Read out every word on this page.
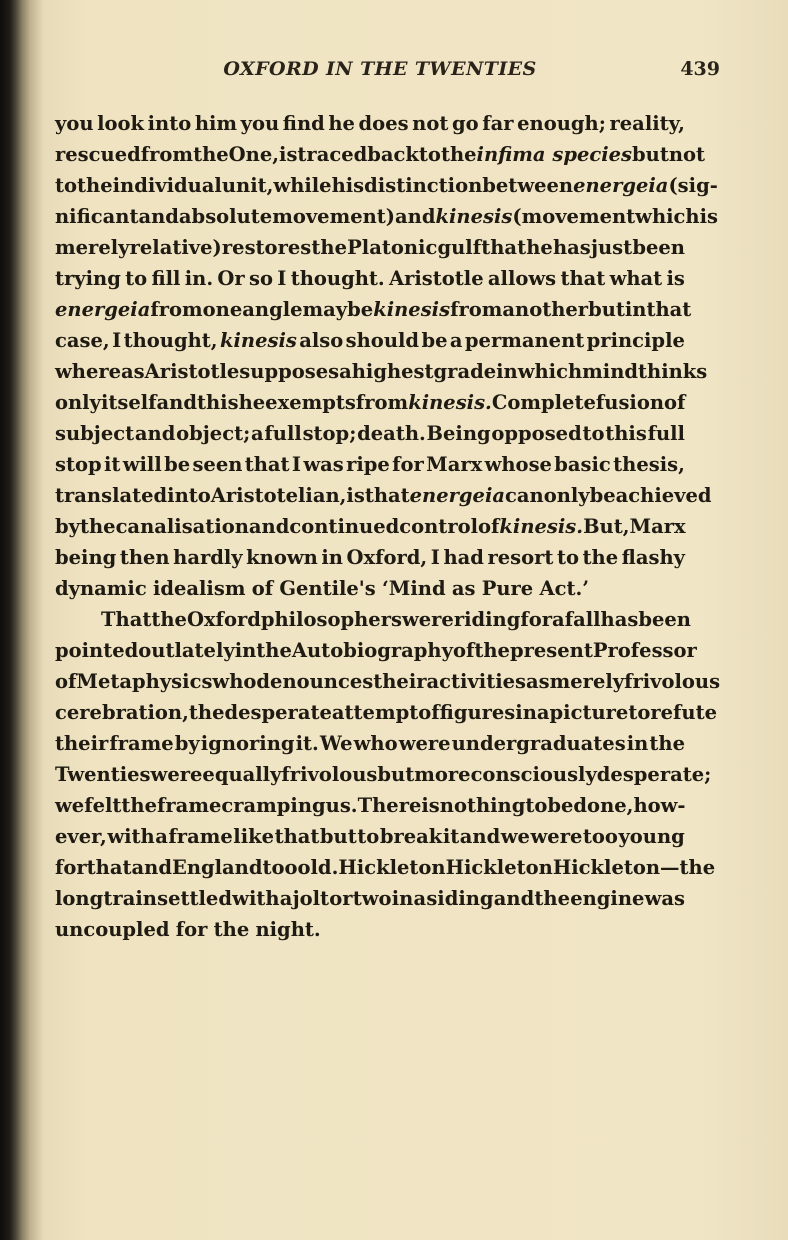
OXFORD IN THE TWENTIES	439
you look into him you find he does not go far enough; reality,
rescued from the One, is traced back to the infima species but not
to the individual unit, while his distinction between energeia (sig-
nificant and absolute movement) and kinesis (movement which is
merely relative) restores the Platonic gulf that he has just been
trying to fill in. Or so I thought. Aristotle allows that what is
energeia from one angle may be kinesis from another but in that
case, I thought, kinesis also should be a permanent principle
whereas Aristotle supposes a highest grade in which mind thinks
only itself and this he exempts from kinesis. Complete fusion of
subject and object; a full stop; death. Being opposed to this full
stop it will be seen that I was ripe for Marx whose basic thesis,
translated into Aristotelian, is that energeia can only be achieved
by the canalisation and continued control of kinesis. But, Marx
being then hardly known in Oxford, I had resort to the flashy
dynamic idealism of Gentile's ‘Mind as Pure Act.’
That the Oxford philosophers were riding for a fall has been
pointed out lately in the Autobiography of the present Professor
of Metaphysics who denounces their activities as merely frivolous
cerebration, the desperate attempt of figures in a picture to refute
their frame by ignoring it. We who were undergraduates in the
Twenties were equally frivolous but more consciously desperate;
we felt the frame cramping us. There is nothing to be done, how-
ever, with a frame like that but to break it and we were too young
for that and England too old. Hickleton Hickleton Hickleton—the
long train settled with a jolt or two in a siding and the engine was
uncoupled for the night.
